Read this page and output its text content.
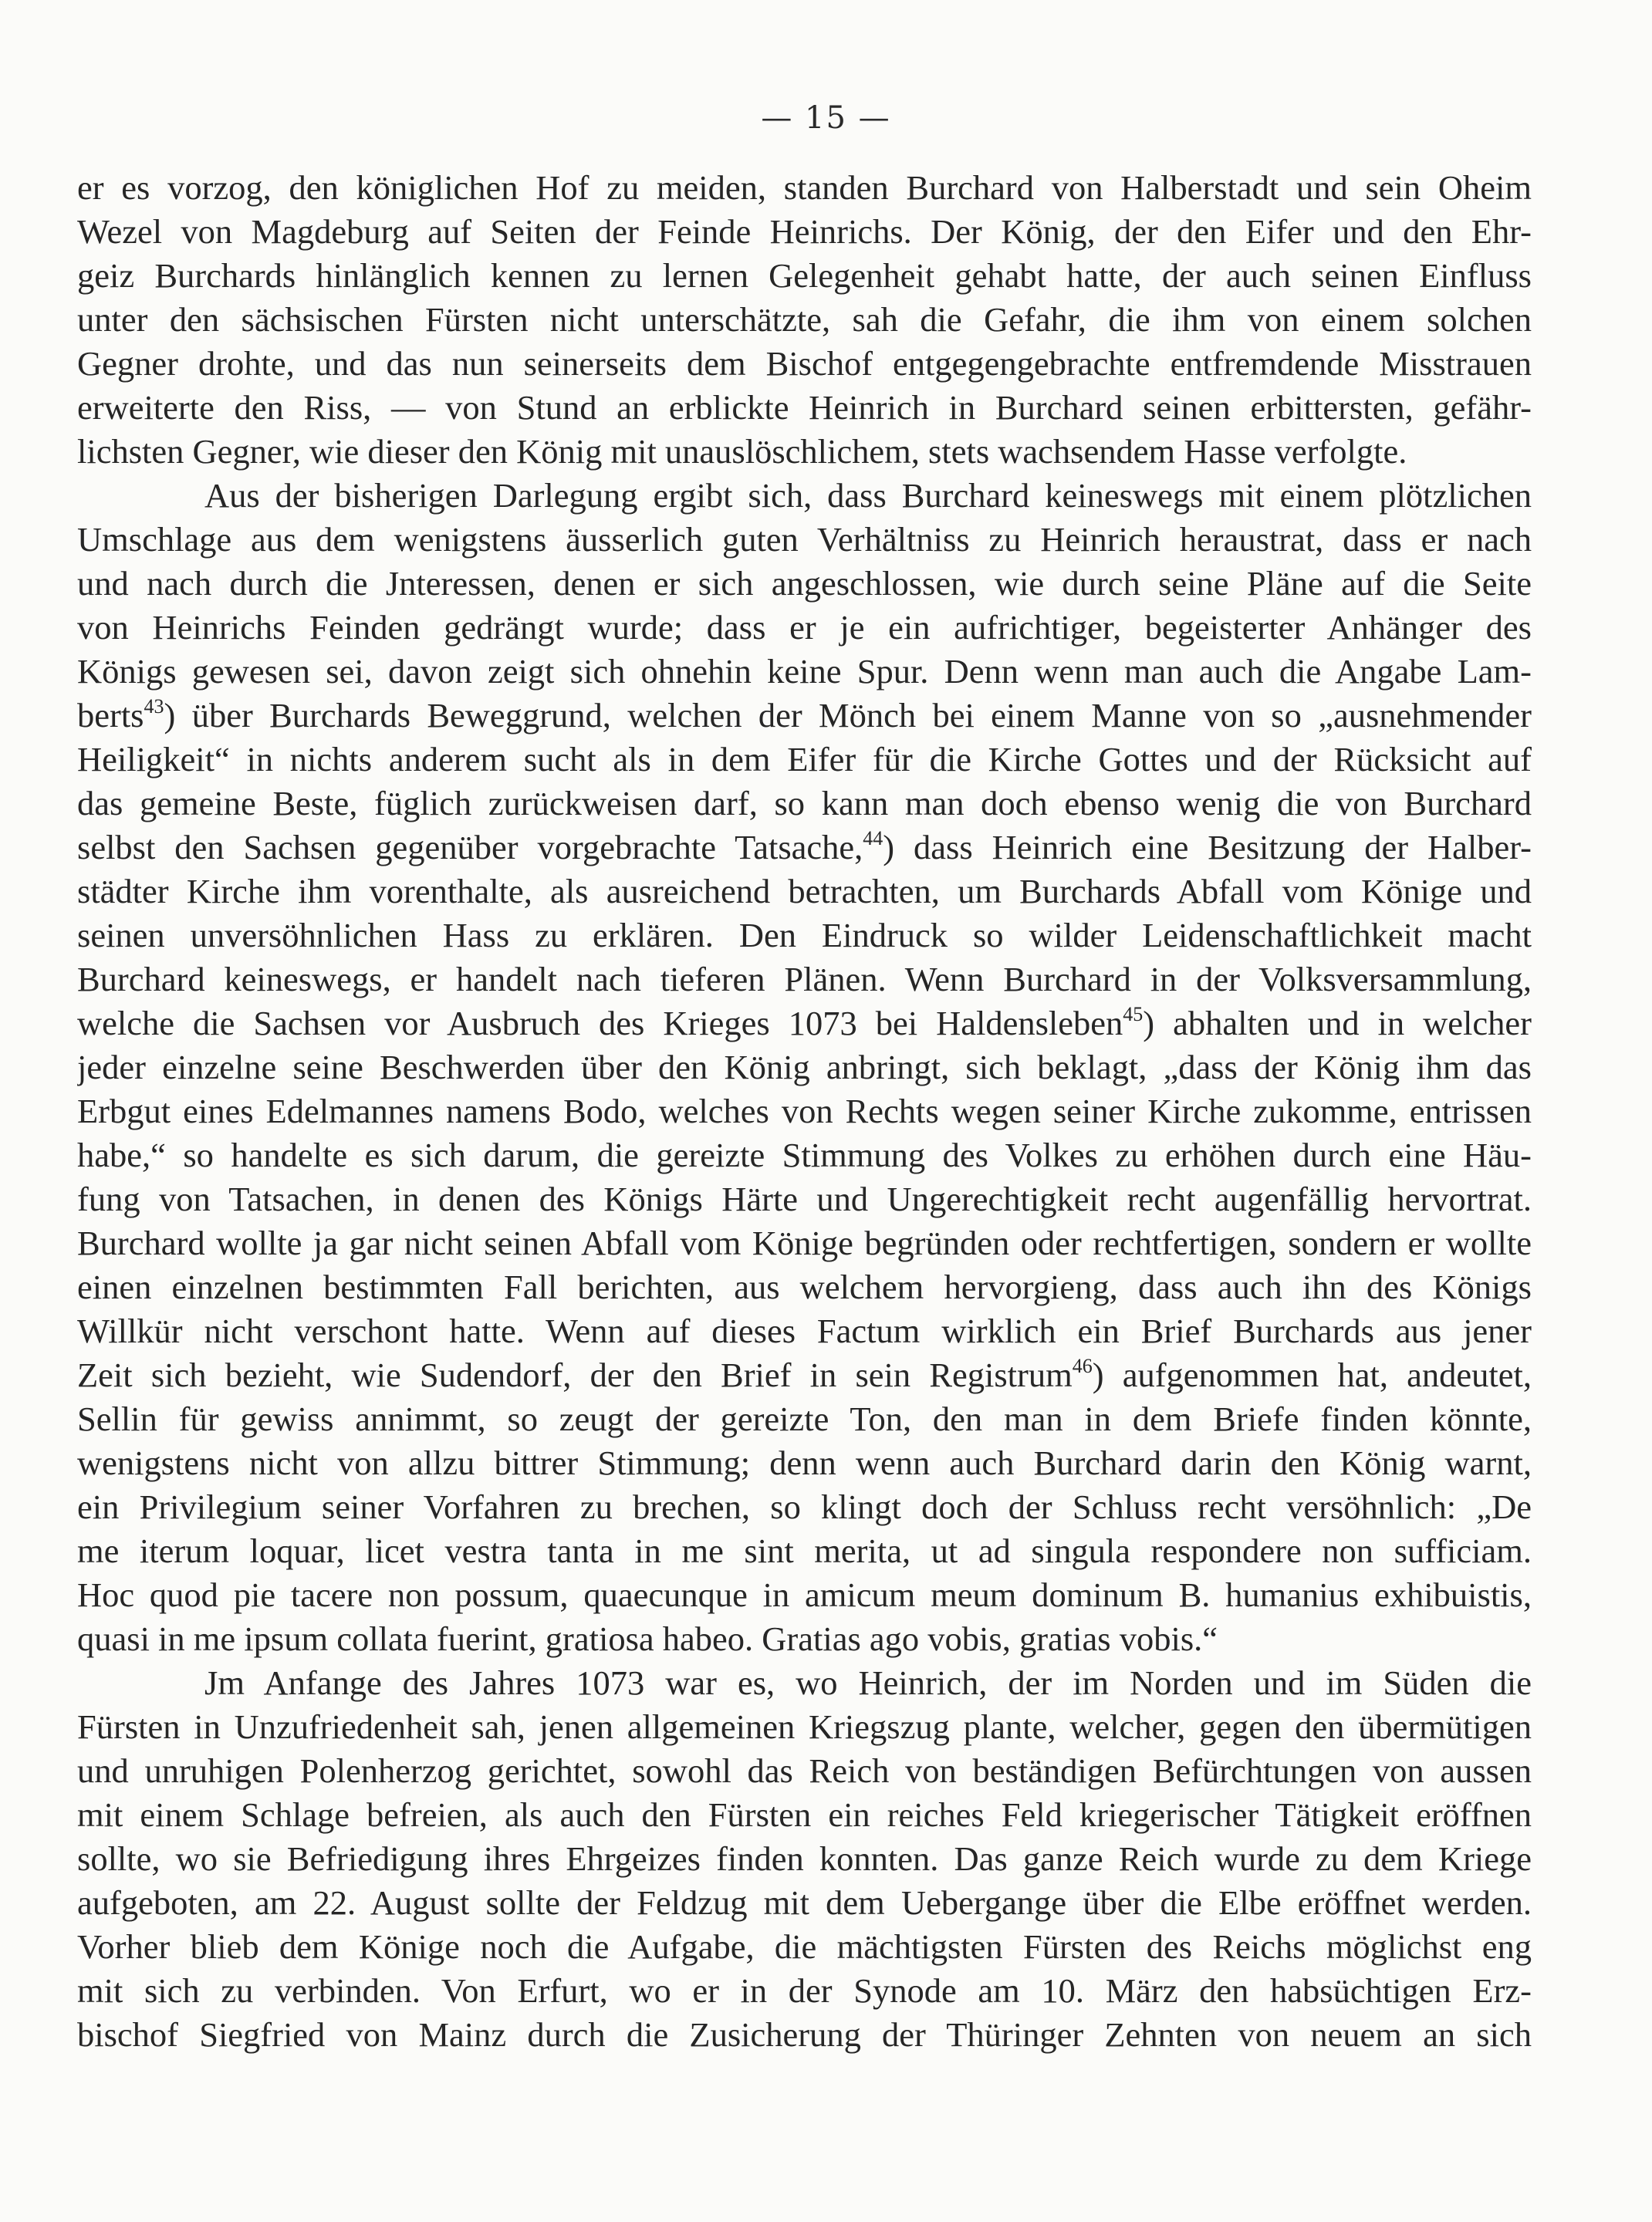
— 15 —
er es vorzog, den königlichen Hof zu meiden, standen Burchard von Halberstadt und sein Oheim
Wezel von Magdeburg auf Seiten der Feinde Heinrichs. Der König, der den Eifer und den Ehr-
geiz Burchards hinlänglich kennen zu lernen Gelegenheit gehabt hatte, der auch seinen Einfluss
unter den sächsischen Fürsten nicht unterschätzte, sah die Gefahr, die ihm von einem solchen
Gegner drohte, und das nun seinerseits dem Bischof entgegengebrachte entfremdende Misstrauen
erweiterte den Riss, — von Stund an erblickte Heinrich in Burchard seinen erbittersten, gefähr-
lichsten Gegner, wie dieser den König mit unauslöschlichem, stets wachsendem Hasse verfolgte.
Aus der bisherigen Darlegung ergibt sich, dass Burchard keineswegs mit einem plötzlichen
Umschlage aus dem wenigstens äusserlich guten Verhältniss zu Heinrich heraustrat, dass er nach
und nach durch die Jnteressen, denen er sich angeschlossen, wie durch seine Pläne auf die Seite
von Heinrichs Feinden gedrängt wurde; dass er je ein aufrichtiger, begeisterter Anhänger des
Königs gewesen sei, davon zeigt sich ohnehin keine Spur. Denn wenn man auch die Angabe Lam-
berts$^{43}$) über Burchards Beweggrund, welchen der Mönch bei einem Manne von so „ausnehmender
Heiligkeit“ in nichts anderem sucht als in dem Eifer für die Kirche Gottes und der Rücksicht auf
das gemeine Beste, füglich zurückweisen darf, so kann man doch ebenso wenig die von Burchard
selbst den Sachsen gegenüber vorgebrachte Tatsache,$^{44}$) dass Heinrich eine Besitzung der Halber-
städter Kirche ihm vorenthalte, als ausreichend betrachten, um Burchards Abfall vom Könige und
seinen unversöhnlichen Hass zu erklären. Den Eindruck so wilder Leidenschaftlichkeit macht
Burchard keineswegs, er handelt nach tieferen Plänen. Wenn Burchard in der Volksversammlung,
welche die Sachsen vor Ausbruch des Krieges 1073 bei Haldensleben$^{45}$) abhalten und in welcher
jeder einzelne seine Beschwerden über den König anbringt, sich beklagt, „dass der König ihm das
Erbgut eines Edelmannes namens Bodo, welches von Rechts wegen seiner Kirche zukomme, entrissen
habe,“ so handelte es sich darum, die gereizte Stimmung des Volkes zu erhöhen durch eine Häu-
fung von Tatsachen, in denen des Königs Härte und Ungerechtigkeit recht augenfällig hervortrat.
Burchard wollte ja gar nicht seinen Abfall vom Könige begründen oder rechtfertigen, sondern er wollte
einen einzelnen bestimmten Fall berichten, aus welchem hervorgieng, dass auch ihn des Königs
Willkür nicht verschont hatte. Wenn auf dieses Factum wirklich ein Brief Burchards aus jener
Zeit sich bezieht, wie Sudendorf, der den Brief in sein Registrum$^{46}$) aufgenommen hat, andeutet,
Sellin für gewiss annimmt, so zeugt der gereizte Ton, den man in dem Briefe finden könnte,
wenigstens nicht von allzu bittrer Stimmung; denn wenn auch Burchard darin den König warnt,
ein Privilegium seiner Vorfahren zu brechen, so klingt doch der Schluss recht versöhnlich: „De
me iterum loquar, licet vestra tanta in me sint merita, ut ad singula respondere non sufficiam.
Hoc quod pie tacere non possum, quaecunque in amicum meum dominum B. humanius exhibuistis,
quasi in me ipsum collata fuerint, gratiosa habeo. Gratias ago vobis, gratias vobis.“
Jm Anfange des Jahres 1073 war es, wo Heinrich, der im Norden und im Süden die
Fürsten in Unzufriedenheit sah, jenen allgemeinen Kriegszug plante, welcher, gegen den übermütigen
und unruhigen Polenherzog gerichtet, sowohl das Reich von beständigen Befürchtungen von aussen
mit einem Schlage befreien, als auch den Fürsten ein reiches Feld kriegerischer Tätigkeit eröffnen
sollte, wo sie Befriedigung ihres Ehrgeizes finden konnten. Das ganze Reich wurde zu dem Kriege
aufgeboten, am 22. August sollte der Feldzug mit dem Uebergange über die Elbe eröffnet werden.
Vorher blieb dem Könige noch die Aufgabe, die mächtigsten Fürsten des Reichs möglichst eng
mit sich zu verbinden. Von Erfurt, wo er in der Synode am 10. März den habsüchtigen Erz-
bischof Siegfried von Mainz durch die Zusicherung der Thüringer Zehnten von neuem an sich
